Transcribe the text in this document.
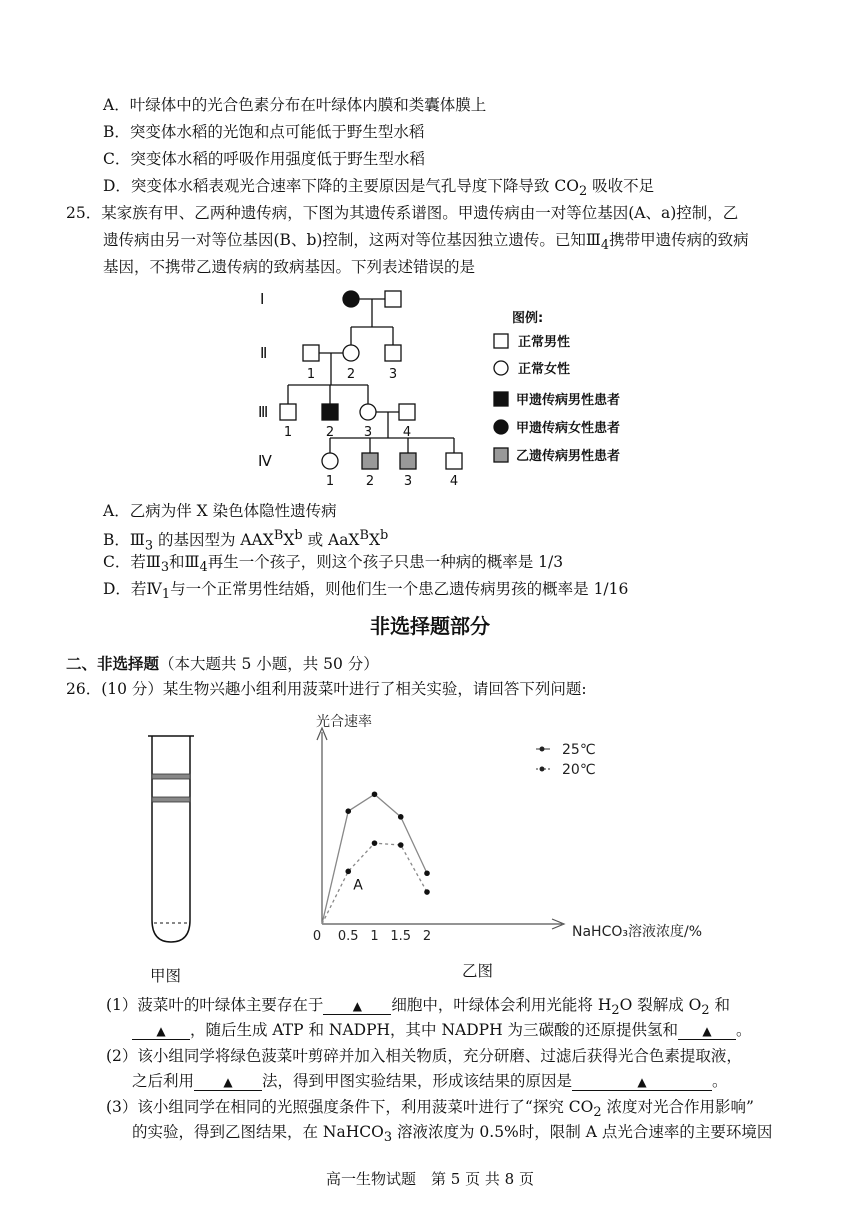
A．叶绿体中的光合色素分布在叶绿体内膜和类囊体膜上
B．突变体水稻的光饱和点可能低于野生型水稻
C．突变体水稻的呼吸作用强度低于野生型水稻
D．突变体水稻表观光合速率下降的主要原因是气孔导度下降导致 $CO_2$ 吸收不足
25．某家族有甲、乙两种遗传病，下图为其遗传系谱图。甲遗传病由一对等位基因(A、a)控制，乙
遗传病由另一对等位基因(B、b)控制，这两对等位基因独立遗传。已知$Ⅲ_4$携带甲遗传病的致病
基因，不携带乙遗传病的致病基因。下列表述错误的是
Ⅰ
Ⅱ
Ⅲ
Ⅳ
1 2	3
1	2 3 4
1 2 3	4
图例:
正常男性
正常女性
甲遗传病男性患者
甲遗传病女性患者
乙遗传病男性患者
A．乙病为伴 X 染色体隐性遗传病
B．$Ⅲ_3$ 的基因型为 $AAX^BX^b$ 或 $AaX^BX^b$
C．若$Ⅲ_3$和$Ⅲ_4$再生一个孩子，则这个孩子只患一种病的概率是 1/3
D．若$Ⅳ_1$与一个正常男性结婚，则他们生一个患乙遗传病男孩的概率是 1/16
非选择题部分
二、非选择题（本大题共 5 小题，共 50 分）
26．(10 分）某生物兴趣小组利用菠菜叶进行了相关实验，请回答下列问题:
甲图
光合速率
NaHCO₃溶液浓度/%
0 0.5 1 1.5 2
A
25℃
20℃
乙图
(1）菠菜叶的叶绿体主要存在于 ▲ 细胞中，叶绿体会利用光能将 $H_2O$ 裂解成 $O_2$ 和
▲ ，随后生成 ATP 和 NADPH，其中 NADPH 为三碳酸的还原提供氢和 ▲ 。
(2）该小组同学将绿色菠菜叶剪碎并加入相关物质，充分研磨、过滤后获得光合色素提取液，
之后利用 ▲ 法，得到甲图实验结果，形成该结果的原因是	▲	。
(3）该小组同学在相同的光照强度条件下，利用菠菜叶进行了“探究 $CO_2$ 浓度对光合作用影响”
的实验，得到乙图结果，在 NaHCO$_3$ 溶液浓度为 0.5%时，限制 A 点光合速率的主要环境因
高一生物试题　第 5 页 共 8 页
